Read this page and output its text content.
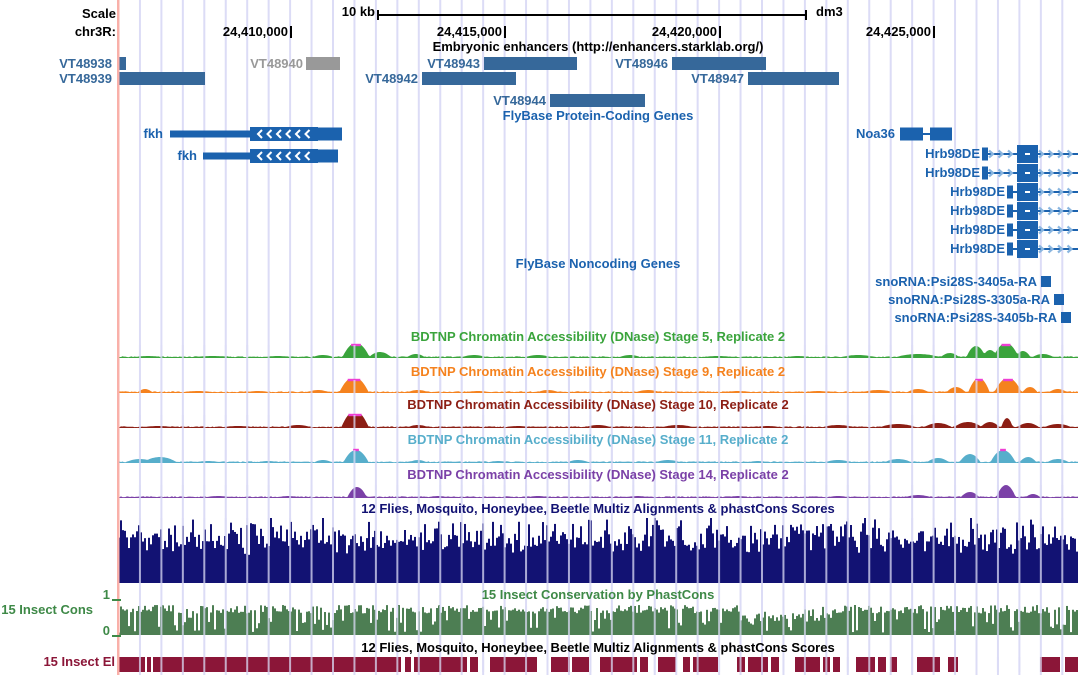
Scale	10 kb	dm3
chr3R:	24,410,000	24,415,000	24,420,000	24,425,000
Embryonic enhancers (http://enhancers.starklab.org/)
FlyBase Protein-Coding Genes
FlyBase Noncoding Genes
12 Flies, Mosquito, Honeybee, Beetle Multiz Alignments & phastCons Scores
15 Insect Conservation by PhastCons
12 Flies, Mosquito, Honeybee, Beetle Multiz Alignments & phastCons Scores
15 Insect Cons
1
0
15 Insect El
VT48938
VT48939
VT48940
VT48942
VT48943
VT48944
VT48946
VT48947
fkh
fkh
Noa36
Hrb98DE
Hrb98DE
Hrb98DE
Hrb98DE
Hrb98DE
Hrb98DE
snoRNA:Psi28S-3405a-RA
snoRNA:Psi28S-3305a-RA
snoRNA:Psi28S-3405b-RA
BDTNP Chromatin Accessibility (DNase) Stage 5, Replicate 2
BDTNP Chromatin Accessibility (DNase) Stage 9, Replicate 2
BDTNP Chromatin Accessibility (DNase) Stage 10, Replicate 2
BDTNP Chromatin Accessibility (DNase) Stage 11, Replicate 2
BDTNP Chromatin Accessibility (DNase) Stage 14, Replicate 2
